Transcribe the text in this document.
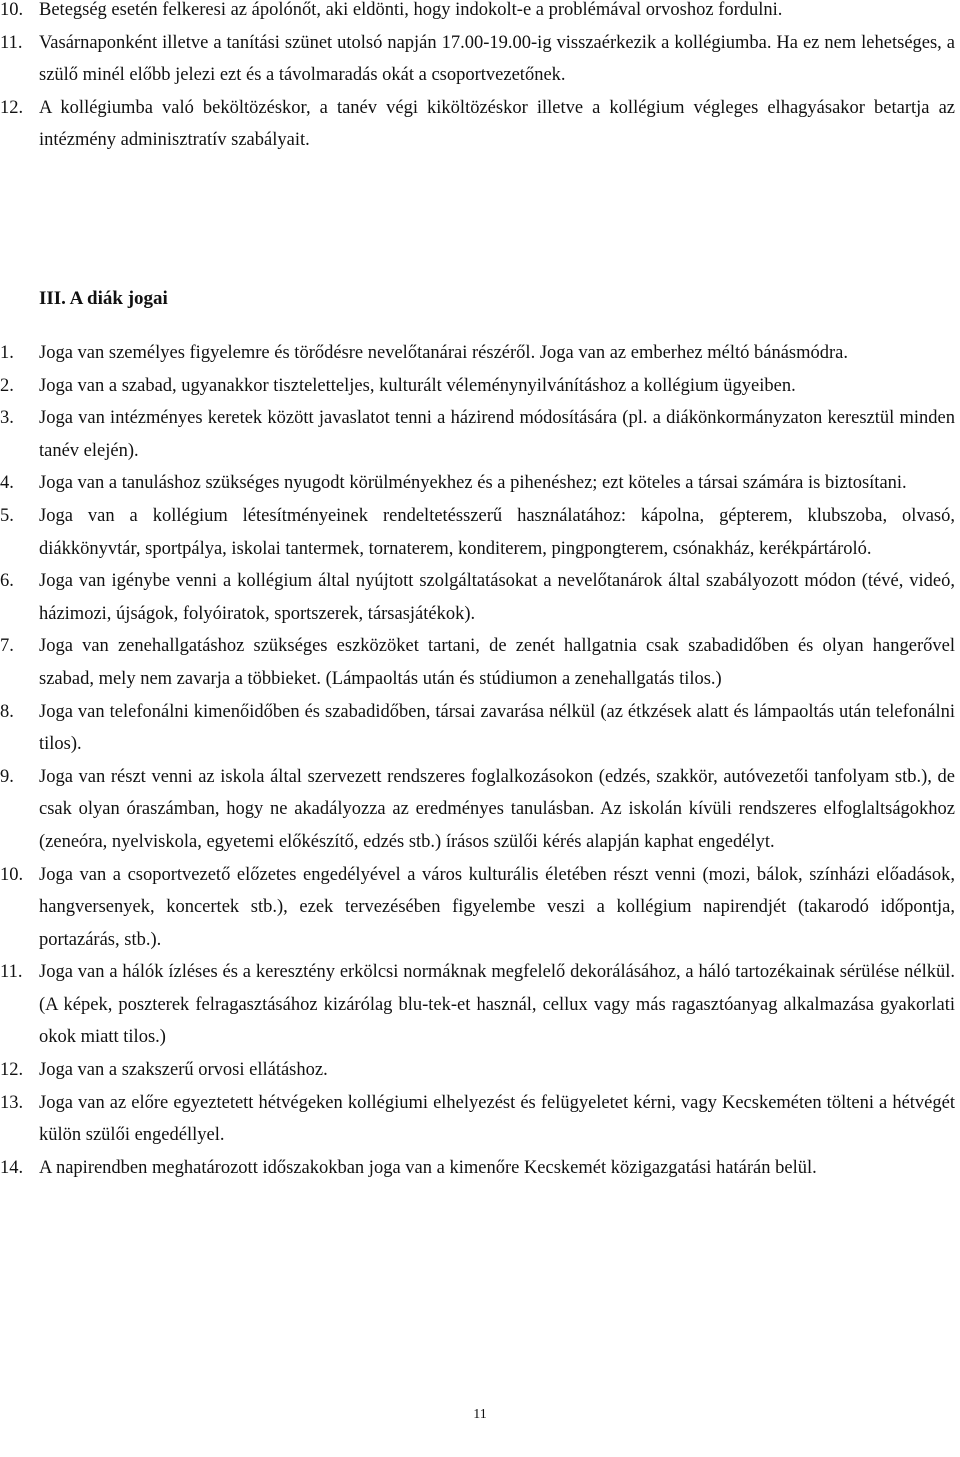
10. Betegség esetén felkeresi az ápolónőt, aki eldönti, hogy indokolt-e a problémával orvoshoz fordulni.
11. Vasárnaponként illetve a tanítási szünet utolsó napján 17.00-19.00-ig visszaérkezik a kollégiumba. Ha ez nem lehetséges, a szülő minél előbb jelezi ezt és a távolmaradás okát a csoportvezetőnek.
12. A kollégiumba való beköltözéskor, a tanév végi kiköltözéskor illetve a kollégium végleges elhagyásakor betartja az intézmény adminisztratív szabályait.
III. A diák jogai
1.	Joga van személyes figyelemre és törődésre nevelőtanárai részéről. Joga van az emberhez méltó bánásmódra.
2.	Joga van a szabad, ugyanakkor tiszteletteljes, kulturált véleménynyilvánításhoz a kollégium ügyeiben.
3.	Joga van intézményes keretek között javaslatot tenni a házirend módosítására (pl. a diákönkormányzaton keresztül minden tanév elején).
4.	Joga van a tanuláshoz szükséges nyugodt körülményekhez és a pihenéshez; ezt köteles a társai számára is biztosítani.
5.	Joga van a kollégium létesítményeinek rendeltetésszerű használatához: kápolna, gépterem, klubszoba, olvasó, diákkönyvtár, sportpálya, iskolai tantermek, tornaterem, konditerem, pingpongterem, csónakház, kerékpártároló.
6.	Joga van igénybe venni a kollégium által nyújtott szolgáltatásokat a nevelőtanárok által szabályozott módon (tévé, videó, házimozi, újságok, folyóiratok, sportszerek, társasjátékok).
7.	Joga van zenehallgatáshoz szükséges eszközöket tartani, de zenét hallgatnia csak szabadidőben és olyan hangerővel szabad, mely nem zavarja a többieket. (Lámpaoltás után és stúdiumon a zenehallgatás tilos.)
8.	Joga van telefonálni kimenőidőben és szabadidőben, társai zavarása nélkül (az étkzések alatt és lámpaoltás után telefonálni tilos).
9.	Joga van részt venni az iskola által szervezett rendszeres foglalkozásokon (edzés, szakkör, autóvezetői tanfolyam stb.), de csak olyan óraszámban, hogy ne akadályozza az eredményes tanulásban. Az iskolán kívüli rendszeres elfoglaltságokhoz (zeneóra, nyelviskola, egyetemi előkészítő, edzés stb.) írásos szülői kérés alapján kaphat engedélyt.
10. Joga van a csoportvezető előzetes engedélyével a város kulturális életében részt venni (mozi, bálok, színházi előadások, hangversenyek, koncertek stb.), ezek tervezésében figyelembe veszi a kollégium napirendjét (takarodó időpontja, portazárás, stb.).
11. Joga van a hálók ízléses és a keresztény erkölcsi normáknak megfelelő dekorálásához, a háló tartozékainak sérülése nélkül. (A képek, poszterek felragasztásához kizárólag blu-tek-et használ, cellux vagy más ragasztóanyag alkalmazása gyakorlati okok miatt tilos.)
12. Joga van a szakszerű orvosi ellátáshoz.
13. Joga van az előre egyeztetett hétvégeken kollégiumi elhelyezést és felügyeletet kérni, vagy Kecskeméten tölteni a hétvégét külön szülői engedéllyel.
14. A napirendben meghatározott időszakokban joga van a kimenőre Kecskemét közigazgatási határán belül.
11
